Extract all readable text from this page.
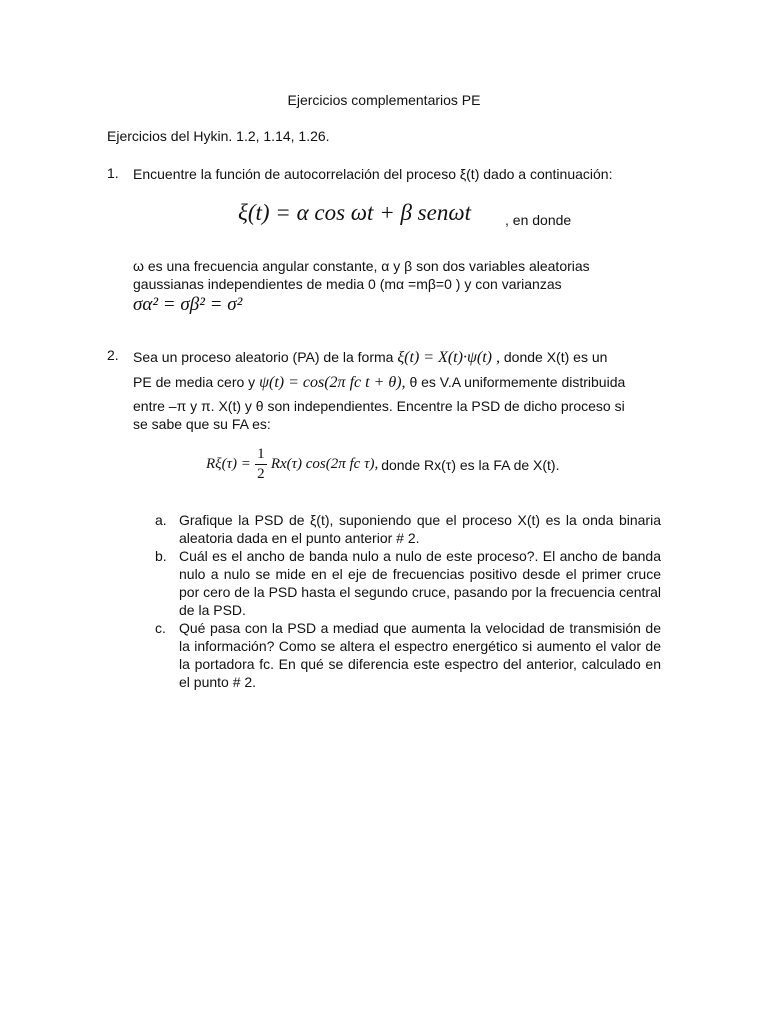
Ejercicios complementarios PE
Ejercicios del Hykin. 1.2, 1.14, 1.26.
1. Encuentre la función de autocorrelación del proceso ξ(t) dado a continuación:
ξ(t) = α cos ωt + β senωt , en donde
ω es una frecuencia angular constante, α y β son dos variables aleatorias
gaussianas independientes de media 0 (mα =mβ=0 ) y con varianzas
σα² = σβ² = σ²
2. Sea un proceso aleatorio (PA) de la forma ξ(t) = X(t)·ψ(t) , donde X(t) es un
PE de media cero y ψ(t) = cos(2π fc t + θ), θ es V.A uniformemente distribuida
entre –π y π. X(t) y θ son independientes. Encentre la PSD de dicho proceso si
se sabe que su FA es:
$R\xi(\tau) = \frac{1}{2} Rx(\tau)$ cos(2π fc τ), donde Rx(τ) es la FA de X(t).
a. Grafique la PSD de ξ(t), suponiendo que el proceso X(t) es la onda binaria aleatoria dada en el punto anterior # 2.
b. Cuál es el ancho de banda nulo a nulo de este proceso?. El ancho de banda nulo a nulo se mide en el eje de frecuencias positivo desde el primer cruce por cero de la PSD hasta el segundo cruce, pasando por la frecuencia central de la PSD.
c. Qué pasa con la PSD a mediad que aumenta la velocidad de transmisión de la información? Como se altera el espectro energético si aumento el valor de la portadora fc. En qué se diferencia este espectro del anterior, calculado en el punto # 2.
